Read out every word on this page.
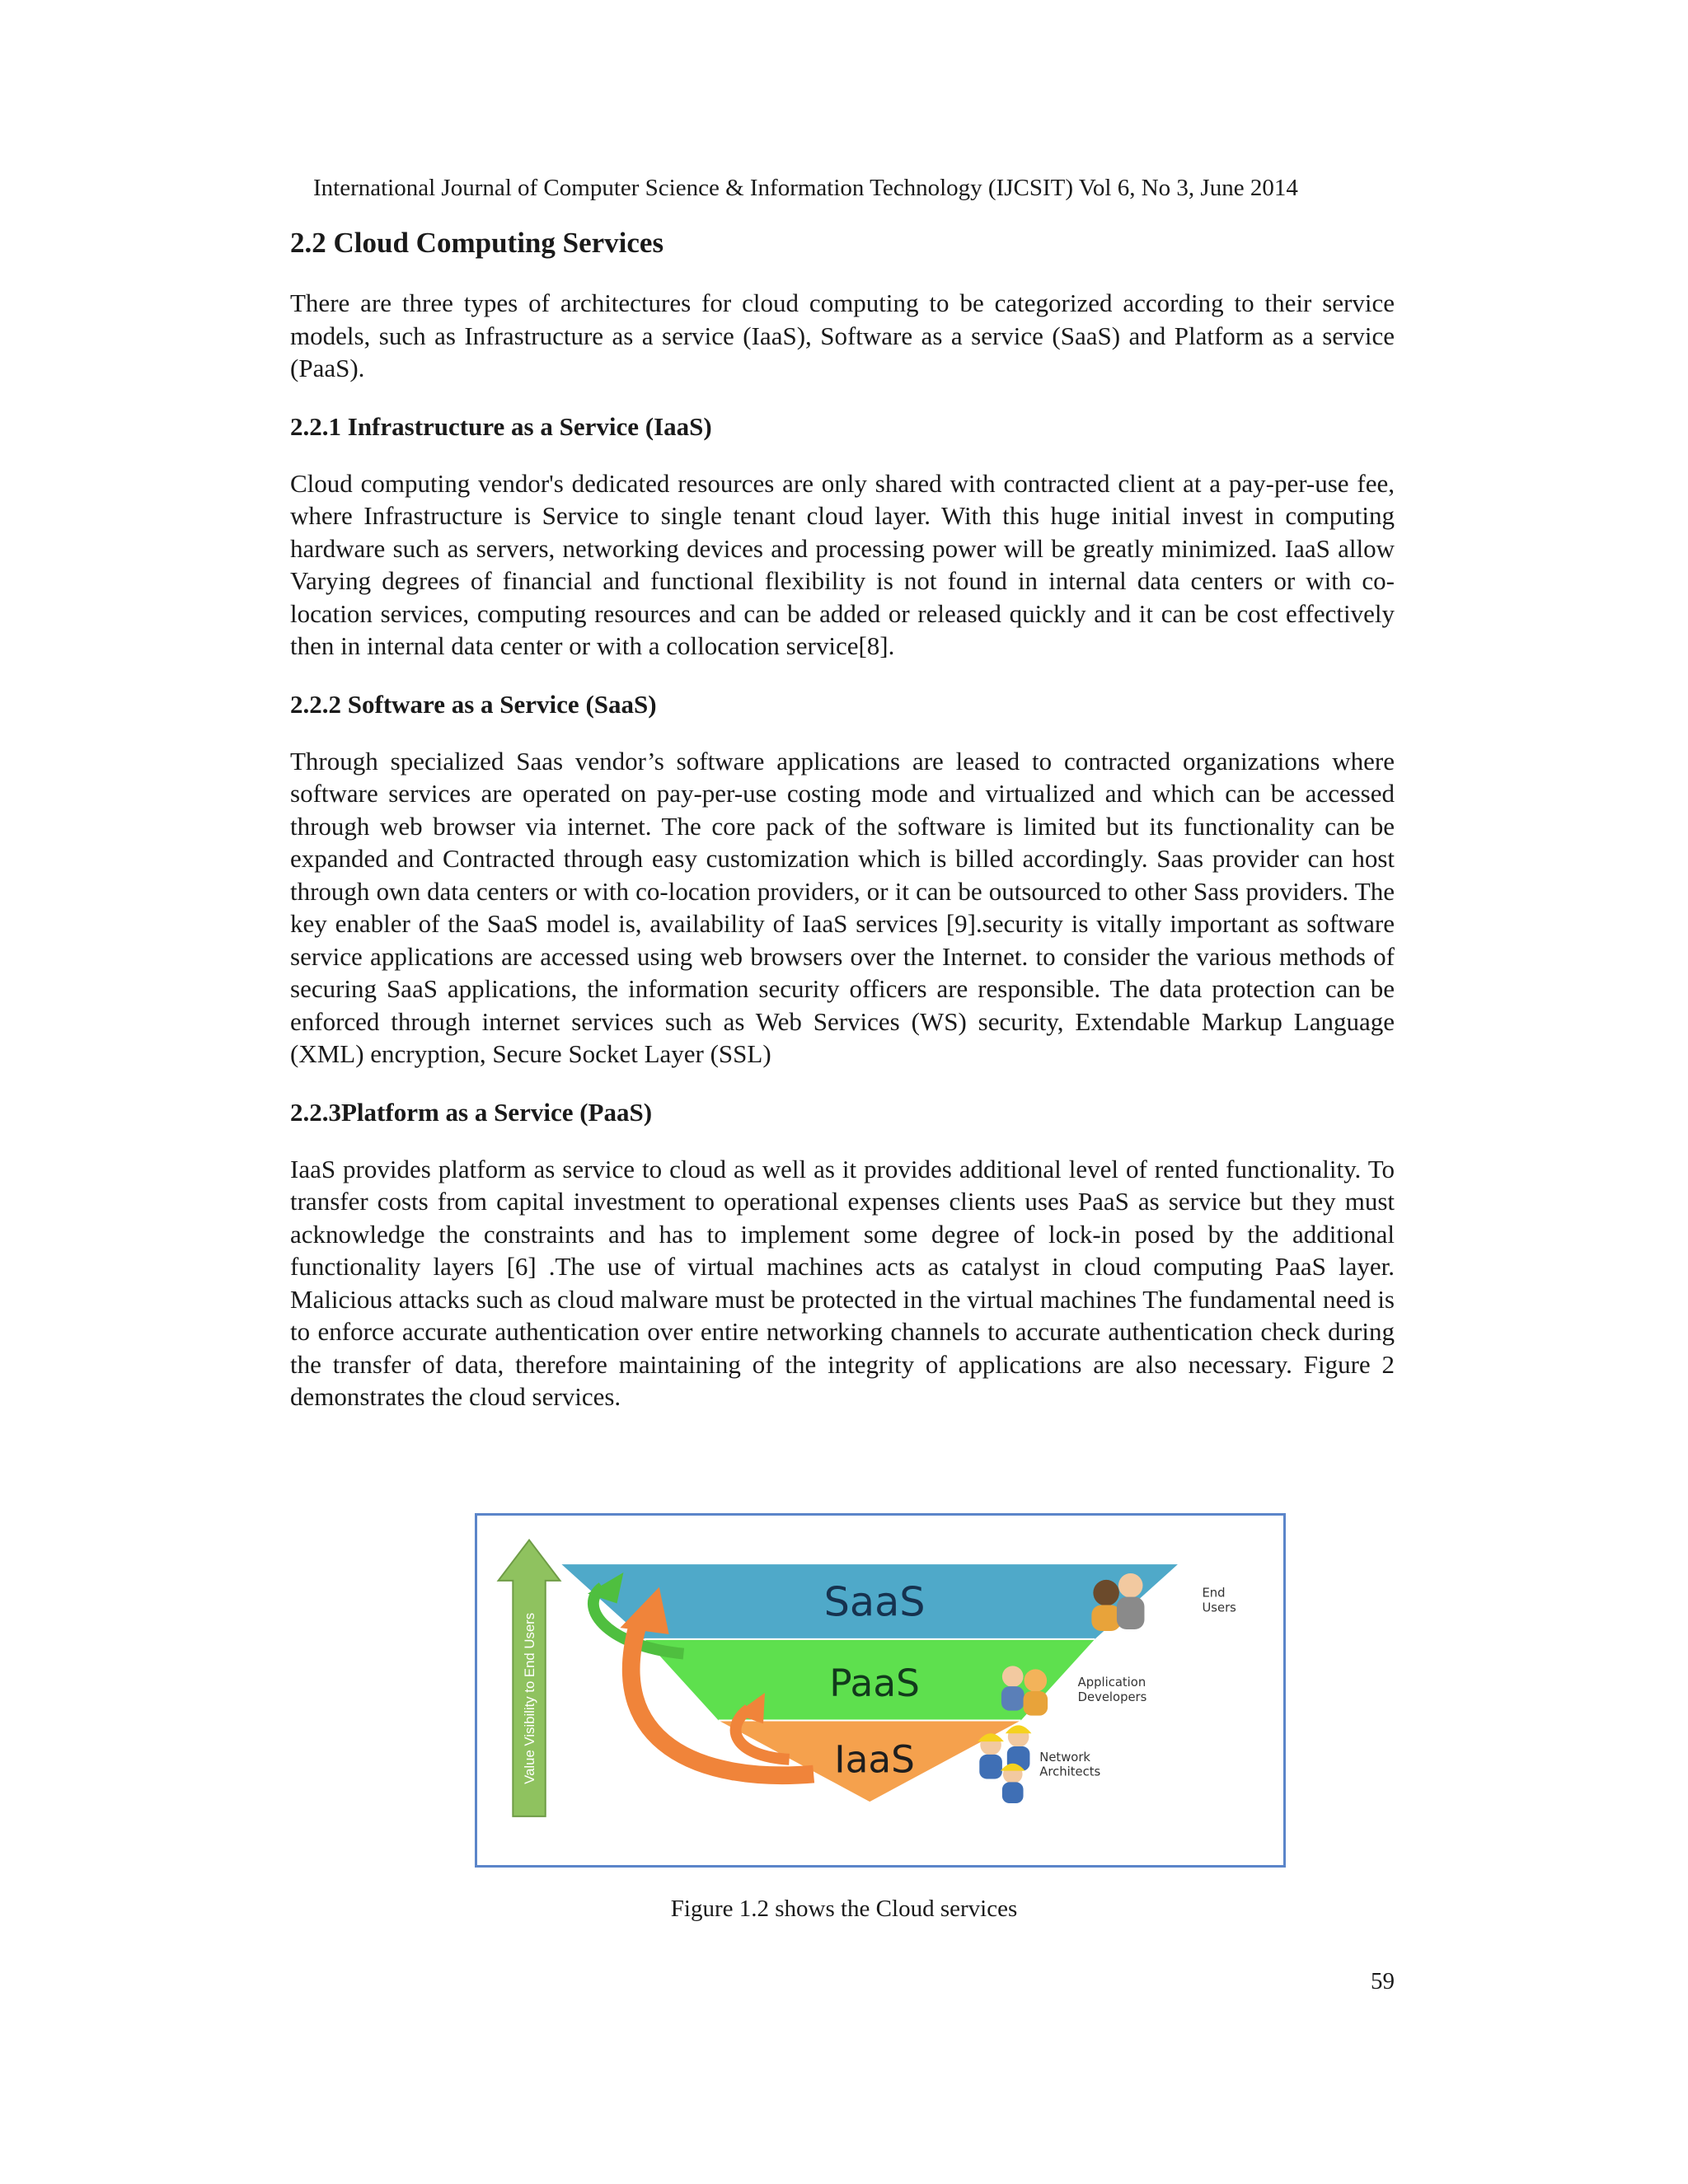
International Journal of Computer Science & Information Technology (IJCSIT) Vol 6, No 3, June 2014
2.2 Cloud Computing Services

There are three types of architectures for cloud computing to be categorized according to their service models, such as Infrastructure as a service (IaaS), Software as a service (SaaS) and Platform as a service (PaaS).

2.2.1 Infrastructure as a Service (IaaS)

Cloud computing vendor's dedicated resources are only shared with contracted client at a pay-per-use fee, where Infrastructure is Service to single tenant cloud layer. With this huge initial invest in computing hardware such as servers, networking devices and processing power will be greatly minimized. IaaS allow Varying degrees of financial and functional flexibility is not found in internal data centers or with co-location services, computing resources and can be added or released quickly and it can be cost effectively then in internal data center or with a collocation service[8].

2.2.2 Software as a Service (SaaS)

Through specialized Saas vendor’s software applications are leased to contracted organizations where software services are operated on pay-per-use costing mode and virtualized and which can be accessed through web browser via internet. The core pack of the software is limited but its functionality can be expanded and Contracted through easy customization which is billed accordingly. Saas provider can host through own data centers or with co-location providers, or it can be outsourced to other Sass providers. The key enabler of the SaaS model is, availability of IaaS services [9].security is vitally important as software service applications are accessed using web browsers over the Internet. to consider the various methods of securing SaaS applications, the information security officers are responsible. The data protection can be enforced through internet services such as Web Services (WS) security, Extendable Markup Language (XML) encryption, Secure Socket Layer (SSL)

2.2.3Platform as a Service (PaaS)

IaaS provides platform as service to cloud as well as it provides additional level of rented functionality. To transfer costs from capital investment to operational expenses clients uses PaaS as service but they must acknowledge the constraints and has to implement some degree of lock-in posed by the additional functionality layers [6] .The use of virtual machines acts as catalyst in cloud computing PaaS layer. Malicious attacks such as cloud malware must be protected in the virtual machines The fundamental need is to enforce accurate authentication over entire networking channels to accurate authentication check during the transfer of data, therefore maintaining of the integrity of applications are also necessary. Figure 2 demonstrates the cloud services.

Value Visibility to End Users
SaaS
PaaS
IaaS
End
Users
Application
Developers
Network
Architects
Figure 1.2 shows the Cloud services
59
